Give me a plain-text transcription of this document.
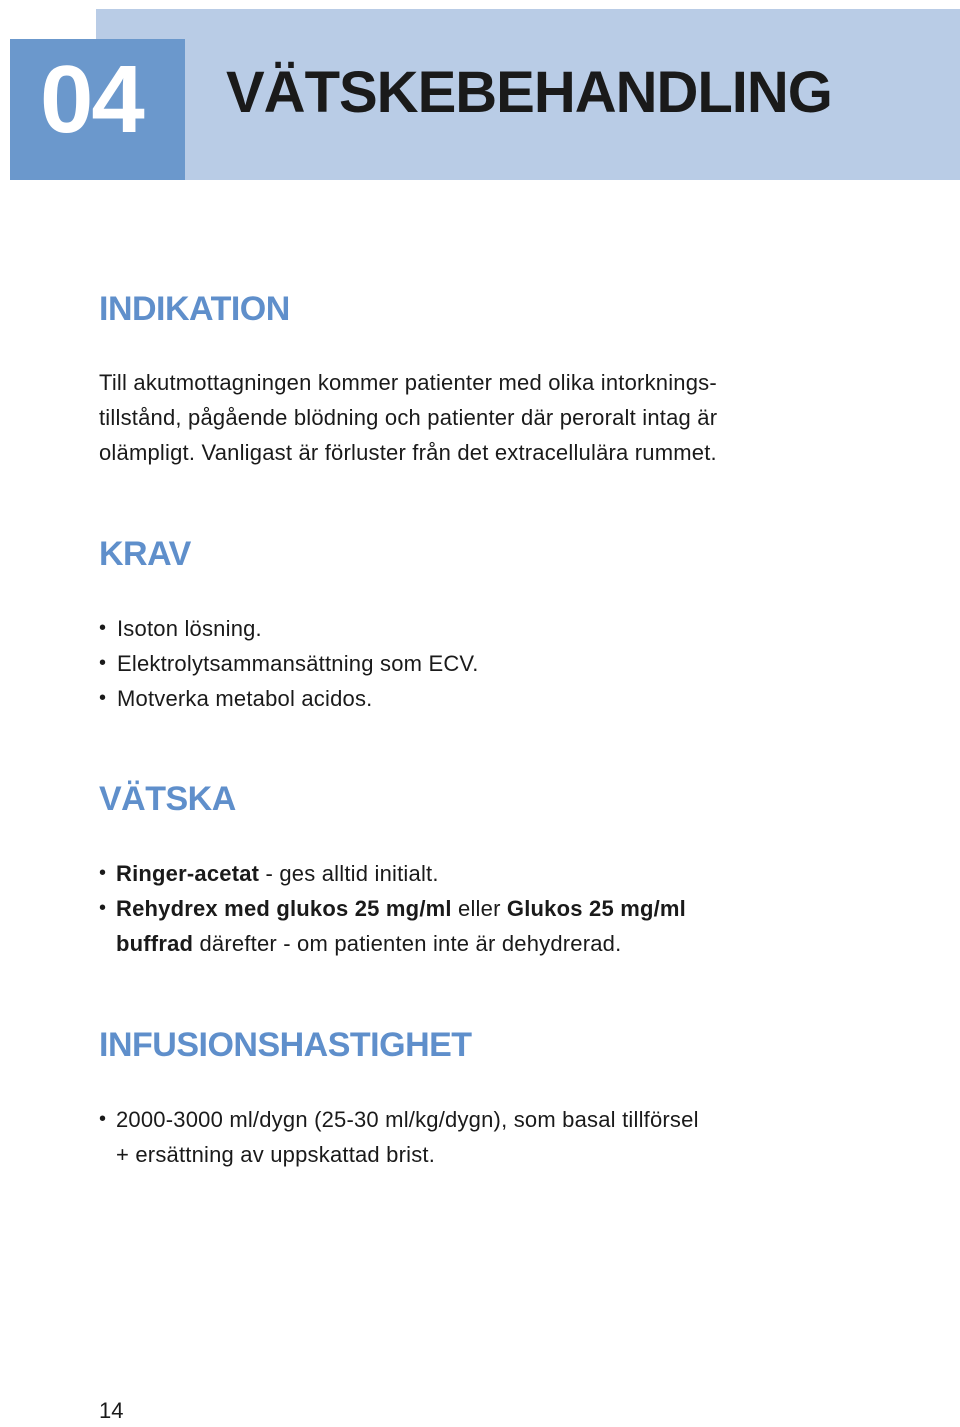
04 VÄTSKEBEHANDLING
INDIKATION
Till akutmottagningen kommer patienter med olika intorknings-
tillstånd, pågående blödning och patienter där peroralt intag är
olämpligt. Vanligast är förluster från det extracellulära rummet.
KRAV
• Isoton lösning.
• Elektrolytsammansättning som ECV.
• Motverka metabol acidos.
VÄTSKA
• Ringer-acetat - ges alltid initialt.
• Rehydrex med glukos 25 mg/ml eller Glukos 25 mg/ml
buffrad därefter - om patienten inte är dehydrerad.
INFUSIONSHASTIGHET
• 2000-3000 ml/dygn (25-30 ml/kg/dygn), som basal tillförsel
+ ersättning av uppskattad brist.
14
